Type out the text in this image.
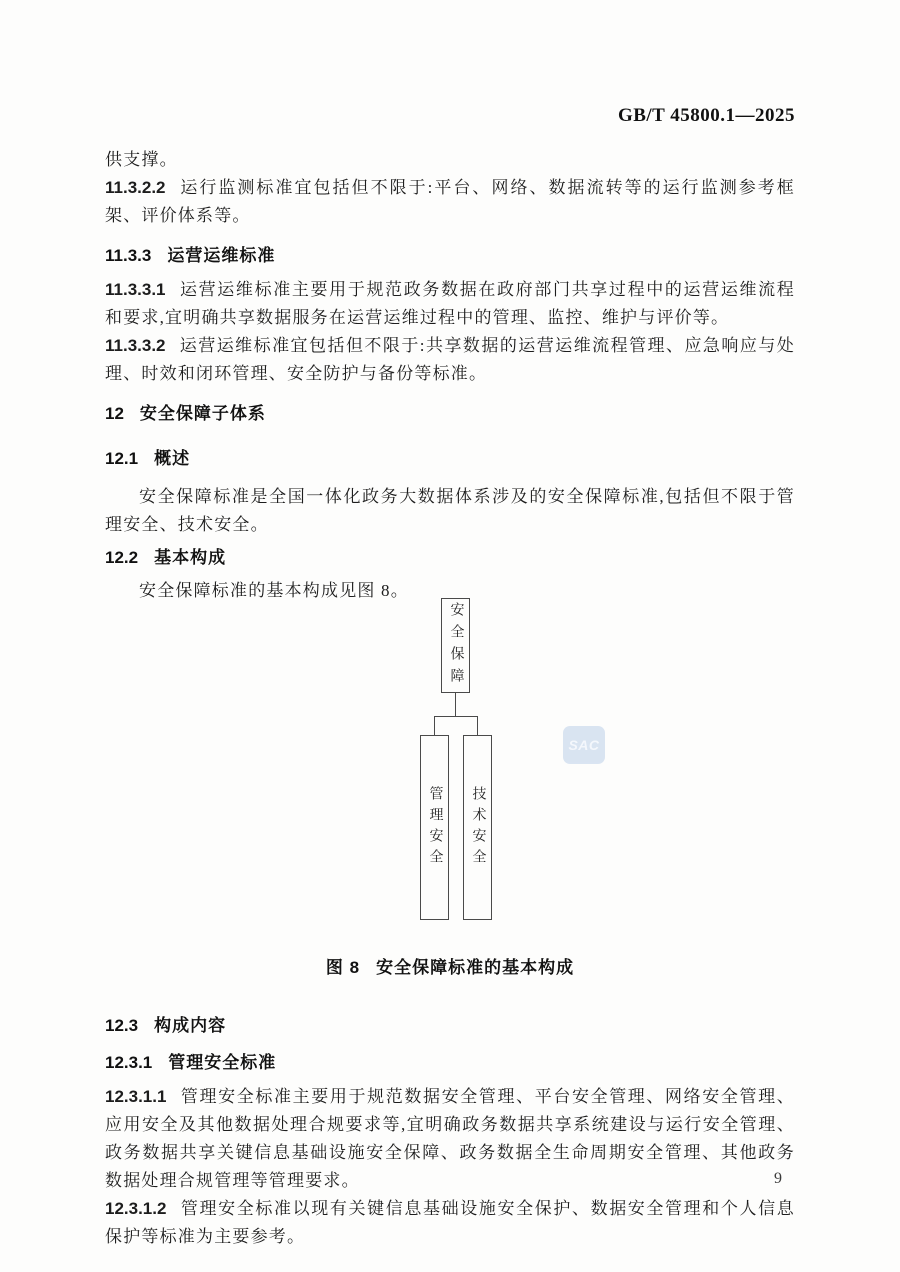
GB/T 45800.1—2025

供支撑。

11.3.2.2 运行监测标准宜包括但不限于:平台、网络、数据流转等的运行监测参考框架、评价体系等。

11.3.3 运营运维标准

11.3.3.1 运营运维标准主要用于规范政务数据在政府部门共享过程中的运营运维流程和要求,宜明确共享数据服务在运营运维过程中的管理、监控、维护与评价等。

11.3.3.2 运营运维标准宜包括但不限于:共享数据的运营运维流程管理、应急响应与处理、时效和闭环管理、安全防护与备份等标准。

12 安全保障子体系
12.1 概述

安全保障标准是全国一体化政务大数据体系涉及的安全保障标准,包括但不限于管理安全、技术安全。

12.2 基本构成

安全保障标准的基本构成见图 8。

安全保障
管理安全 技术安全
SAC
图 8 安全保障标准的基本构成
12.3 构成内容
12.3.1 管理安全标准

12.3.1.1 管理安全标准主要用于规范数据安全管理、平台安全管理、网络安全管理、应用安全及其他数据处理合规要求等,宜明确政务数据共享系统建设与运行安全管理、政务数据共享关键信息基础设施安全保障、政务数据全生命周期安全管理、其他政务数据处理合规管理等管理要求。

12.3.1.2 管理安全标准以现有关键信息基础设施安全保护、数据安全管理和个人信息保护等标准为主要参考。

9
